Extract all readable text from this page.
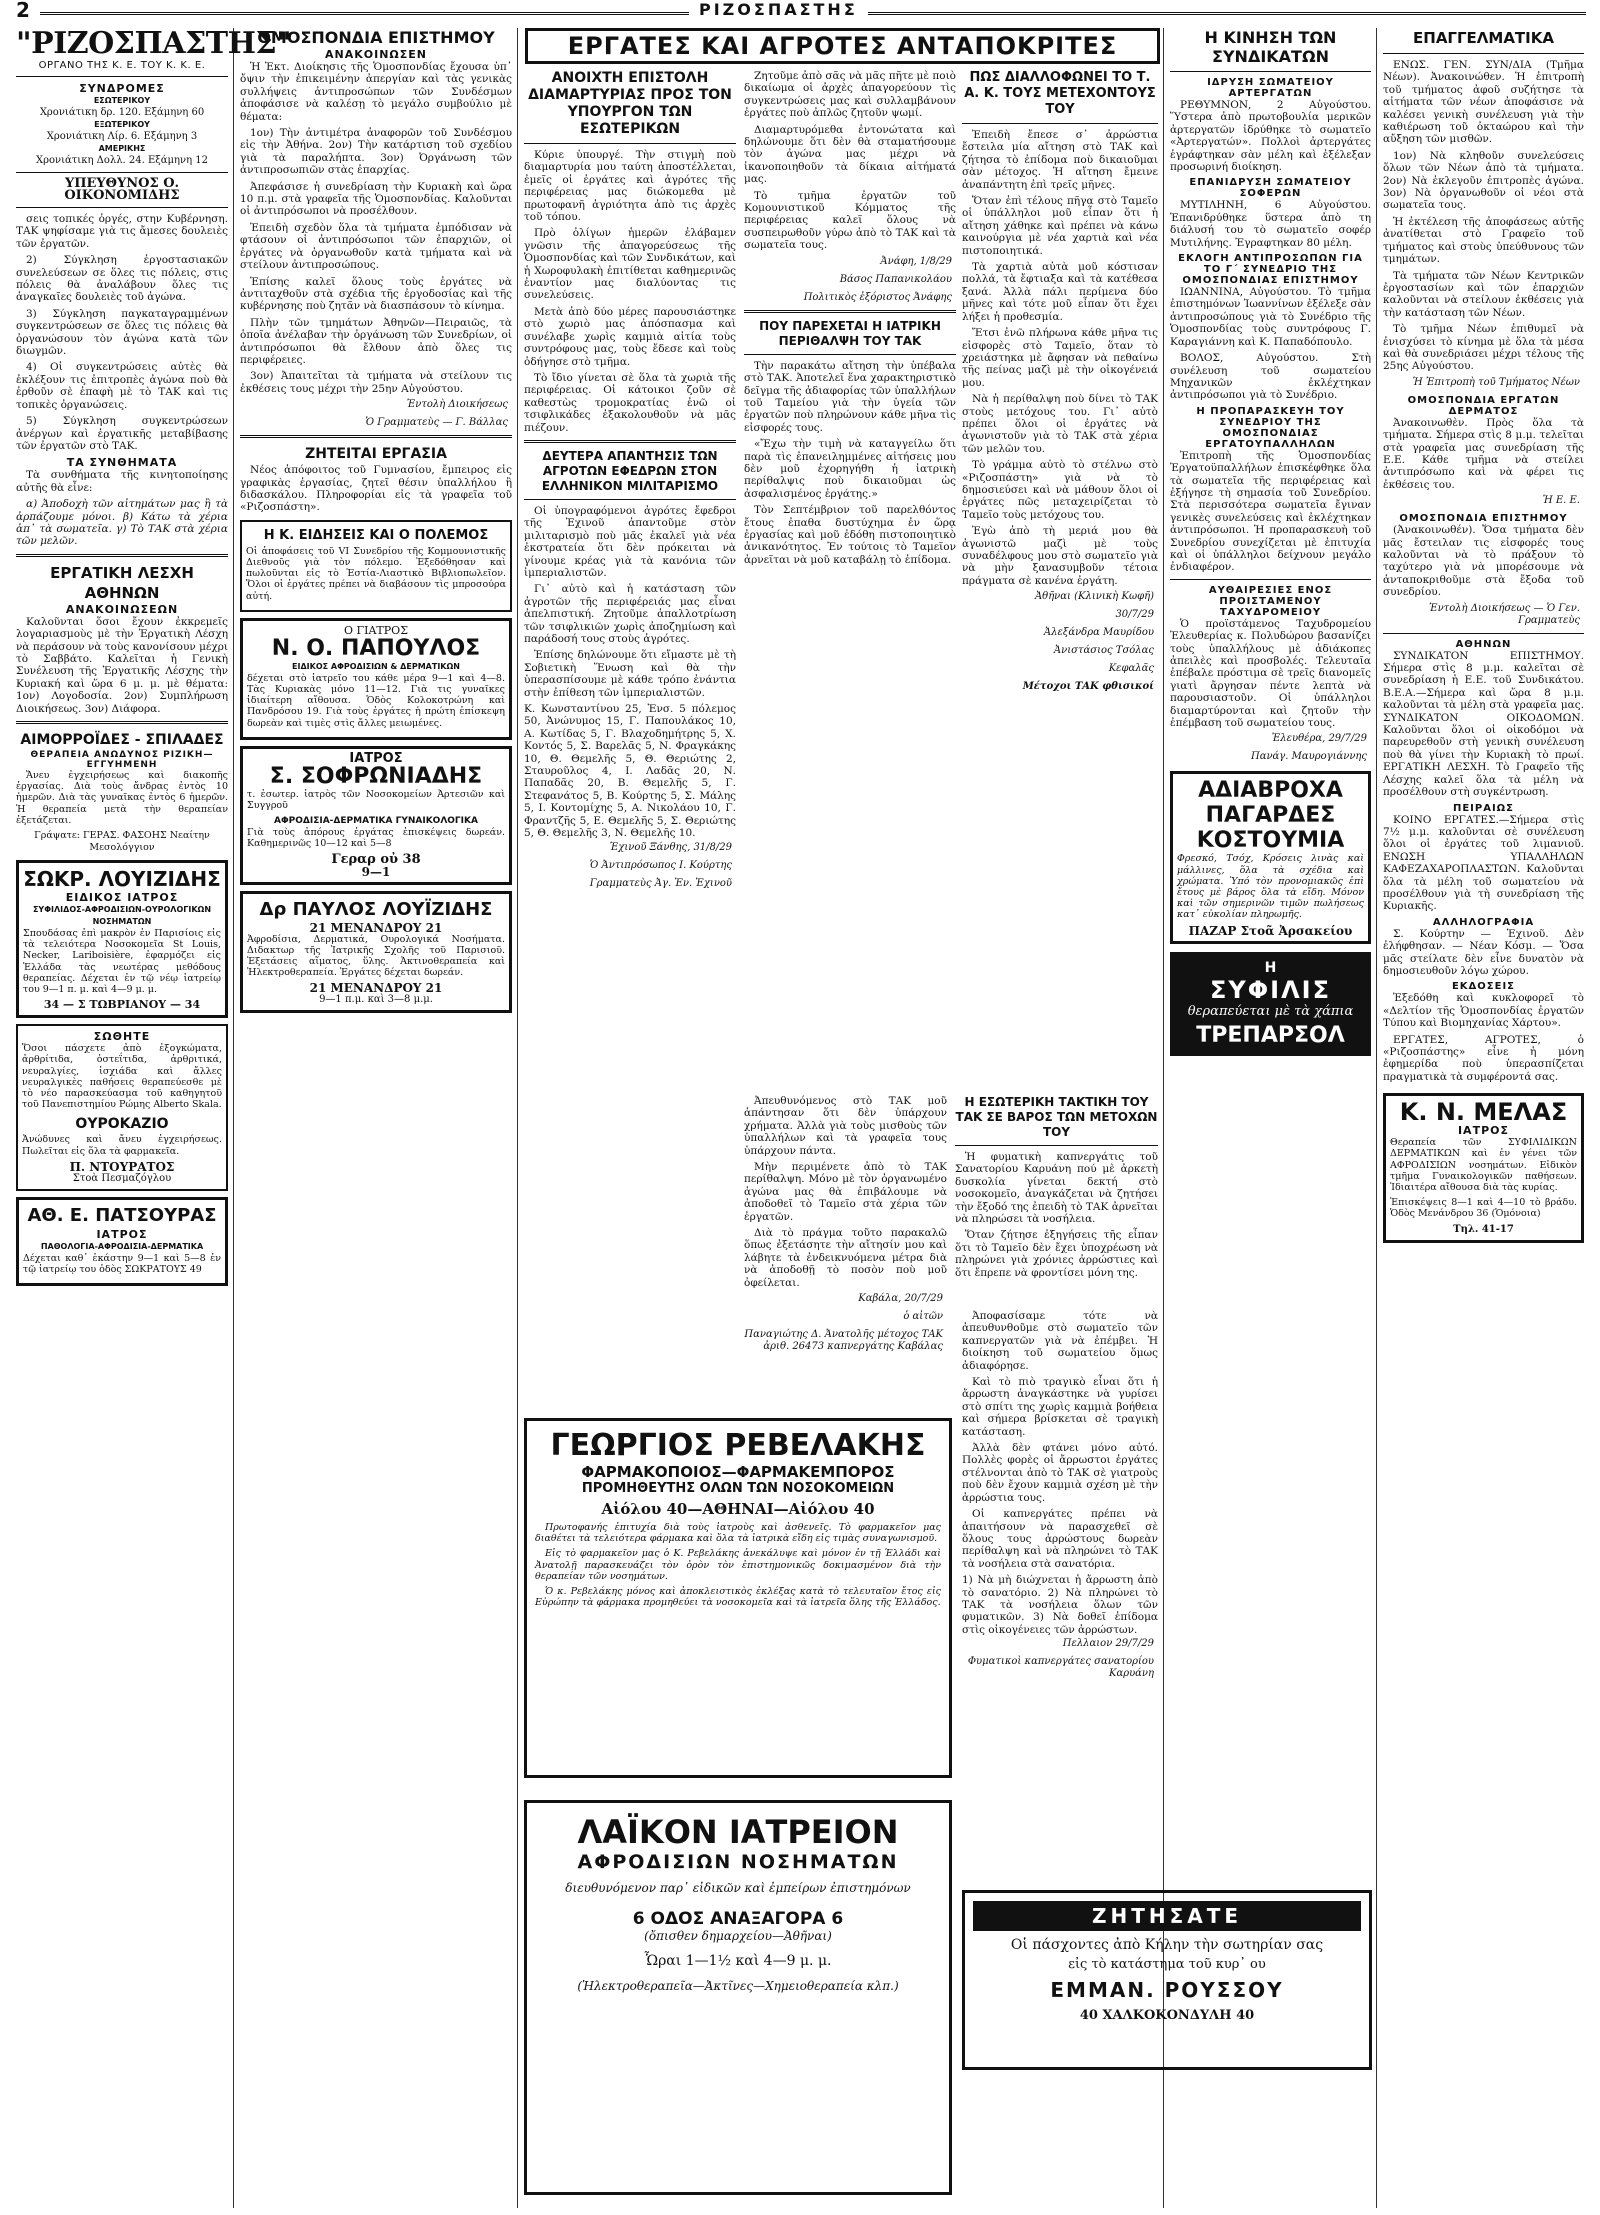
2	ΡΙΖΟΣΠΑΣΤΗΣ
"ΡΙΖΟΣΠΑΣΤΗΣ"
ΟΡΓΑΝΟ ΤΗΣ Κ. Ε. ΤΟΥ Κ. Κ. Ε.
ΣΥΝΔΡΟΜΕΣ
ΕΣΩΤΕΡΙΚΟΥ
Χρονιάτικη δρ. 120. Εξάμηνη 60
ΕΞΩΤΕΡΙΚΟΥ
Χρονιάτικη Λίρ. 6. Εξάμηνη 3
ΑΜΕΡΙΚΗΣ
Χρονιάτικη Δολλ. 24. Εξάμηνη 12
ΥΠΕΥΘΥΝΟΣ Ο. ΟΙΚΟΝΟΜΙΔΗΣ

σεις τοπικές ὀργές, στην Κυβέρνηση. ΤΑΚ ψηφίσαμε γιὰ τις ἄμεσες δουλειὲς τῶν ἐργατῶν.

2) Σύγκληση ἐργοστασιακῶν συνελεύσεων σε ὅλες τις πόλεις, στις πόλεις θὰ ἀναλάβουν ὅλες τις ἀναγκαῖες δουλειὲς τοῦ ἀγώνα.

3) Σύγκληση παγκαταγραμμένων συγκεντρώσεων σε ὅλες τις πόλεις θὰ ὀργανώσουν τὸν ἀγώνα κατὰ τῶν διωγμῶν.

4) Οἱ συγκεντρώσεις αὐτὲς θὰ ἐκλέξουν τις ἐπιτροπὲς ἀγώνα ποὺ θὰ ἐρθοῦν σὲ ἐπαφὴ μὲ τὸ ΤΑΚ καὶ τις τοπικὲς ὀργανώσεις.

5) Σύγκληση συγκεντρώσεων ἀνέργων καὶ ἐργατικῆς μεταβίβασης τῶν ἐργατῶν στὸ ΤΑΚ.

ΤΑ ΣΥΝΘΗΜΑΤΑ

Τὰ συνθήματα τῆς κινητοποίησης αὐτῆς θὰ εἶνε:

α) Ἀποδοχὴ τῶν αἰτημάτων μας ἢ τὰ ἀρπάζουμε μόνοι. β) Κάτω τὰ χέρια ἀπ᾿ τὰ σωματεῖα. γ) Τὸ ΤΑΚ στὰ χέρια τῶν μελῶν.

ΕΡΓΑΤΙΚΗ ΛΕΣΧΗ ΑΘΗΝΩΝ
ΑΝΑΚΟΙΝΩΣΕΩΝ

Καλοῦνται ὅσοι ἔχουν ἐκκρεμεῖς λογαριασμοὺς μὲ τὴν Ἐργατικὴ Λέσχη νὰ περάσουν νὰ τοὺς κανονίσουν μέχρι τὸ Σαββάτο. Καλεῖται ἡ Γενικὴ Συνέλευση τῆς Ἐργατικῆς Λέσχης τὴν Κυριακή καὶ ὥρα 6 μ. μ. μὲ θέματα: 1ον) Λογοδοσία. 2ον) Συμπλήρωση Διοικήσεως. 3ον) Διάφορα.

ΑΙΜΟΡΡΟΪΔΕΣ - ΣΠΙΛΑΔΕΣ
ΘΕΡΑΠΕΙΑ ΑΝΩΔΥΝΟΣ ΡΙΖΙΚΗ—ΕΓΓΥΗΜΕΝΗ

Ἄνευ ἐγχειρήσεως καὶ διακοπῆς ἐργασίας. Διὰ τοὺς ἄνδρας ἐντὸς 10 ἡμερῶν. Διὰ τὰς γυναῖκας ἐντὸς 6 ἡμερῶν. Ἡ θεραπεία μετὰ τὴν θεραπείαν ἐξετάζεται.

Γράψατε: ΓΕΡΑΣ. ΦΑΣΟΗΣ Νεαίτην Μεσολόγγιον
ΣΩΚΡ. ΛΟΥΙΖΙΔΗΣ
ΕΙΔΙΚΟΣ ΙΑΤΡΟΣ
ΣΥΦΙΛΙΔΟΣ-ΑΦΡΟΔΙΣΙΩΝ-ΟΥΡΟΛΟΓΙΚΩΝ ΝΟΣΗΜΑΤΩΝ

Σπουδάσας ἐπὶ μακρὸν ἐν Παρισίοις εἰς τὰ τελειότερα Νοσοκομεῖα St Louis, Necker, Lariboisière, ἐφαρμόζει εἰς Ἑλλάδα τὰς νεωτέρας μεθόδους θεραπείας. Δέχεται ἐν τῷ νέῳ ἰατρείῳ του 9—1 π. μ. καὶ 4—9 μ. μ.

34 — Σ ΤΩΒΡΙΑΝΟΥ — 34
ΣΩΘΗΤΕ

Ὅσοι πάσχετε ἀπὸ ἐξογκώματα, ἀρθρίτιδα, ὀστεΐτιδα, ἀρθριτικά, νευραλγίες, ἰσχιάδα καὶ ἄλλες νευραλγικὲς παθήσεις θεραπεύεσθε μὲ τὸ νέο παρασκεύασμα τοῦ καθηγητοῦ τοῦ Πανεπιστημίου Ρώμης Alberto Skala.

ΟΥΡΟΚΑΖΙΟ

Ἀνώδυνες καὶ ἄνευ ἐγχειρήσεως. Πωλεῖται εἰς ὅλα τὰ φαρμακεῖα.

Π. ΝΤΟΥΡΑΤΟΣ
Στοὰ Πεσμαζόγλου
ΑΘ. Ε. ΠΑΤΣΟΥΡΑΣ
ΙΑΤΡΟΣ
ΠΑΘΟΛΟΓΙΑ-ΑΦΡΟΔΙΣΙΑ-ΔΕΡΜΑΤΙΚΑ

Δέχεται καθ᾿ ἑκάστην 9—1 καὶ 5—8 ἐν τῷ ἰατρείῳ του ὁδὸς ΣΩΚΡΑΤΟΥΣ 49

ΟΜΟΣΠΟΝΔΙΑ ΕΠΙΣΤΗΜΟΥ
ΑΝΑΚΟΙΝΩΣΕΝ

Ἡ Ἐκτ. Διοίκησις τῆς Ὁμοσπονδίας ἔχουσα ὑπ᾿ ὄψιν τὴν ἐπικειμένην ἀπεργίαν καὶ τὰς γενικὰς συλλήψεις ἀντιπροσώπων τῶν Συνδέσμων ἀποφάσισε νὰ καλέσῃ τὸ μεγάλο συμβούλιο μὲ θέματα:

1ον) Τὴν ἀντιμέτρα ἀναφορῶν τοῦ Συνδέσμου εἰς τὴν Ἀθήνα. 2ον) Τὴν κατάρτιση τοῦ σχεδίου γιὰ τὰ παραλήπτα. 3ον) Ὀργάνωση τῶν ἀντιπροσωπιῶν στὰς ἐπαρχίας.

Ἀπεφάσισε ἡ συνεδρίαση τὴν Κυριακὴ καὶ ὥρα 10 π.μ. στὰ γραφεῖα τῆς Ὁμοσπονδίας. Καλοῦνται οἱ ἀντιπρόσωποι νὰ προσέλθουν.

Ἐπειδὴ σχεδὸν ὅλα τὰ τμήματα ἐμπόδισαν νὰ φτάσουν οἱ ἀντιπρόσωποι τῶν ἐπαρχιῶν, οἱ ἐργάτες νὰ ὀργανωθοῦν κατὰ τμήματα καὶ νὰ στείλουν ἀντιπροσώπους.

Ἐπίσης καλεῖ ὅλους τοὺς ἐργάτες νὰ ἀντιταχθοῦν στὰ σχέδια τῆς ἐργοδοσίας καὶ τῆς κυβέρνησης ποὺ ζητᾶν νὰ διασπάσουν τὸ κίνημα.

Πλὴν τῶν τμημάτων Ἀθηνῶν—Πειραιῶς, τὰ ὁποῖα ἀνέλαβαν τὴν ὀργάνωση τῶν Συνεδρίων, οἱ ἀντιπρόσωποι θὰ ἔλθουν ἀπὸ ὅλες τις περιφέρειες.

3ον) Ἀπαιτεῖται τὰ τμήματα νὰ στείλουν τις ἐκθέσεις τους μέχρι τὴν 25ην Αὐγούστου.

Ἐντολὴ Διοικήσεως
Ὁ Γραμματεὺς — Γ. Βάλλας
ΖΗΤΕΙΤΑΙ ΕΡΓΑΣΙΑ

Νέος ἀπόφοιτος τοῦ Γυμνασίου, ἔμπειρος εἰς γραφικὰς ἐργασίας, ζητεῖ θέσιν ὑπαλλήλου ἢ διδασκάλου. Πληροφορίαι εἰς τὰ γραφεῖα τοῦ «Ριζοσπάστη».

Η Κ. ΕΙΔΗΣΕΙΣ ΚΑΙ Ο ΠΟΛΕΜΟΣ

Οἱ ἀποφάσεις τοῦ VI Συνεδρίου τῆς Κομμουνιστικῆς Διεθνοῦς γιὰ τὸν πόλεμο. Ἐξεδόθησαν καὶ πωλοῦνται εἰς τὸ Ἑστία-Λιαστικὸ Βιβλιοπωλεῖον. Ὅλοι οἱ ἐργάτες πρέπει νὰ διαβάσουν τὶς μπροσούρα αὐτή.

Ο ΓΙΑΤΡΟΣ
Ν. Ο. ΠΑΠΟΥΛΟΣ
ΕΙΔΙΚΟΣ ΑΦΡΟΔΙΣΙΩΝ & ΔΕΡΜΑΤΙΚΩΝ

δέχεται στὸ ἰατρεῖο του κάθε μέρα 9—1 καὶ 4—8. Τὰς Κυριακὰς μόνο 11—12. Γιὰ τις γυναῖκες ἰδιαίτερη αἴθουσα. Ὁδὸς Κολοκοτρώνη καὶ Πανδρόσου 19. Γιὰ τοὺς ἐργάτες ἡ πρώτη ἐπίσκεψη δωρεὰν καὶ τιμὲς στὶς ἄλλες μειωμένες.

ΙΑΤΡΟΣ
Σ. ΣΟΦΡΩΝΙΑΔΗΣ

τ. ἐσωτερ. ἰατρὸς τῶν Νοσοκομείων Ἀρτεσιῶν καὶ Συγγροῦ

ΑΦΡΟΔΙΣΙΑ-ΔΕΡΜΑΤΙΚΑ ΓΥΝΑΙΚΟΛΟΓΙΚΑ

Γιὰ τοὺς ἀπόρους ἐργάτας ἐπισκέψεις δωρεάν. Καθημερινῶς 10—12 καὶ 5—8

Γεραρ οὐ 38
9—1
Δρ ΠΑΥΛΟΣ ΛΟΥΪΖΙΔΗΣ
21 ΜΕΝΑΝΔΡΟΥ 21

Ἀφροδίσια, Δερματικά, Ουρολογικά Νοσήματα. Διδακτωρ τῆς Ἰατρικῆς Σχολῆς τοῦ Παρισιοῦ. Ἐξετάσεις αἵματος, ὕλης. Ἀκτινοθεραπεία καὶ Ἠλεκτροθεραπεία. Ἐργάτες δέχεται δωρεάν.

21 ΜΕΝΑΝΔΡΟΥ 21
9—1 π.μ. καὶ 3—8 μ.μ.
ΕΡΓΑΤΕΣ ΚΑΙ ΑΓΡΟΤΕΣ ΑΝΤΑΠΟΚΡΙΤΕΣ
ΑΝΟΙΧΤΗ ΕΠΙΣΤΟΛΗ ΔΙΑΜΑΡΤΥΡΙΑΣ ΠΡΟΣ ΤΟΝ ΥΠΟΥΡΓΟΝ ΤΩΝ ΕΣΩΤΕΡΙΚΩΝ

Κύριε ὑπουργέ. Τὴν στιγμὴ ποὺ διαμαρτυρία μου ταύτη ἀποστέλλεται, ἐμεῖς οἱ ἐργάτες καὶ ἀγρότες τῆς περιφέρειας μας διώκομεθα μὲ πρωτοφανῆ ἀγριότητα ἀπὸ τις ἀρχὲς τοῦ τόπου.

Πρὸ ὀλίγων ἡμερῶν ἐλάβαμεν γνῶσιν τῆς ἀπαγορεύσεως τῆς Ὁμοσπονδίας καὶ τῶν Συνδικάτων, καὶ ἡ Χωροφυλακὴ ἐπιτίθεται καθημερινῶς ἐναντίον μας διαλύοντας τις συνελεύσεις.

Μετὰ ἀπὸ δύο μέρες παρουσιάστηκε στὸ χωριὸ μας ἀπόσπασμα καὶ συνέλαβε χωρὶς καμμιὰ αἰτία τοὺς συντρόφους μας, τοὺς ἔδεσε καὶ τοὺς ὁδήγησε στὸ τμῆμα.

Τὸ ἴδιο γίνεται σὲ ὅλα τὰ χωριὰ τῆς περιφέρειας. Οἱ κάτοικοι ζοῦν σὲ καθεστὼς τρομοκρατίας ἐνῶ οἱ τσιφλικάδες ἐξακολουθοῦν νὰ μᾶς πιέζουν.

ΔΕΥΤΕΡΑ ΑΠΑΝΤΗΣΙΣ ΤΩΝ ΑΓΡΟΤΩΝ ΕΦΕΔΡΩΝ ΣΤΟΝ ΕΛΛΗΝΙΚΟΝ ΜΙΛΙΤΑΡΙΣΜΟ

Οἱ ὑπογραφόμενοι ἀγρότες ἔφεδροι τῆς Ἐχινοῦ ἀπαντοῦμε στὸν μιλιταρισμὸ ποὺ μᾶς ἐκαλεῖ γιὰ νέα ἐκστρατεία ὅτι δὲν πρόκειται νὰ γίνουμε κρέας γιὰ τὰ κανόνια τῶν ἰμπεριαλιστῶν.

Γι᾿ αὐτὸ καὶ ἡ κατάσταση τῶν ἀγροτῶν τῆς περιφέρειάς μας εἶναι ἀπελπιστική. Ζητοῦμε ἀπαλλοτρίωση τῶν τσιφλικιῶν χωρὶς ἀποζημίωση καὶ παράδοσή τους στοὺς ἀγρότες.

Ἐπίσης δηλώνουμε ὅτι εἴμαστε μὲ τὴ Σοβιετικὴ Ἕνωση καὶ θὰ τὴν ὑπερασπίσουμε μὲ κάθε τρόπο ἐνάντια στὴν ἐπίθεση τῶν ἰμπεριαλιστῶν.

Κ. Κωνσταντίνου 25, Ἐνσ. 5 πόλεμος 50, Ἀνώνυμος 15, Γ. Παπουλάκος 10, Α. Κωτίδας 5, Γ. Βλαχοδημήτρης 5, Χ. Κοντός 5, Σ. Βαρελᾶς 5, Ν. Φραγκάκης 10, Θ. Θεμελῆς 5, Θ. Θεριώτης 2, Σταυροῦλος 4, Ι. Λαδᾶς 20, Ν. Παπαδᾶς 20, Β. Θεμελῆς 5, Γ. Στεφανάτος 5, Β. Κούρτης 5, Σ. Μάλης 5, Ι. Κοντομίχης 5, Α. Νικολάου 10, Γ. Φραντζῆς 5, Ε. Θεμελῆς 5, Σ. Θεριώτης 5, Θ. Θεμελῆς 3, Ν. Θεμελῆς 10.

Ἐχινοῦ Ξάνθης, 31/8/29
Ὁ Ἀντιπρόσωπος Ι. Κούρτης
Γραμματεὺς Ἀγ. Ἐν. Ἐχινοῦ

Ζητοῦμε ἀπὸ σᾶς νὰ μᾶς πῆτε μὲ ποιὸ δικαίωμα οἱ ἀρχὲς ἀπαγορεύουν τὶς συγκεντρώσεις μας καὶ συλλαμβάνουν ἐργάτες ποὺ ἀπλῶς ζητοῦν ψωμί.

Διαμαρτυρόμεθα ἐντονώτατα καὶ δηλώνουμε ὅτι δὲν θὰ σταματήσουμε τὸν ἀγώνα μας μέχρι νὰ ἱκανοποιηθοῦν τὰ δίκαια αἰτήματά μας.

Τὸ τμῆμα ἐργατῶν τοῦ Κομουνιστικοῦ Κόμματος τῆς περιφέρειας καλεῖ ὅλους νὰ συσπειρωθοῦν γύρω ἀπὸ τὸ ΤΑΚ καὶ τὰ σωματεῖα τους.

Ἀνάφη, 1/8/29
Βάσος Παπανικολάου
Πολιτικὸς ἐξόριστος Ἀνάφης
ΠΟΥ ΠΑΡΕΧΕΤΑΙ Η ΙΑΤΡΙΚΗ ΠΕΡΙΘΑΛΨΗ ΤΟΥ ΤΑΚ

Τὴν παρακάτω αἴτηση τὴν ὑπέβαλα στὸ ΤΑΚ. Ἀποτελεῖ ἕνα χαρακτηριστικὸ δεῖγμα τῆς ἀδιαφορίας τῶν ὑπαλλήλων τοῦ Ταμείου γιὰ τὴν ὑγεία τῶν ἐργατῶν ποὺ πληρώνουν κάθε μῆνα τὶς εἰσφορές τους.

«Ἔχω τὴν τιμὴ νὰ καταγγείλω ὅτι παρὰ τὶς ἐπανειλημμένες αἰτήσεις μου δὲν μοῦ ἐχορηγήθη ἡ ἰατρικὴ περίθαλψις ποὺ δικαιοῦμαι ὡς ἀσφαλισμένος ἐργάτης.»

Τὸν Σεπτέμβριον τοῦ παρελθόντος ἔτους ἐπαθα δυστύχημα ἐν ὥρᾳ ἐργασίας καὶ μοῦ ἐδόθη πιστοποιητικὸ ἀνικανότητος. Ἐν τούτοις τὸ Ταμεῖον ἀρνεῖται νὰ μοῦ καταβάλῃ τὸ ἐπίδομα.

ΠΩΣ ΔΙΑΛΛΟΦΩΝΕΙ ΤΟ Τ. Α. Κ. ΤΟΥΣ ΜΕΤΕΧΟΝΤΟΥΣ ΤΟΥ

Ἐπειδὴ ἔπεσε σ᾿ ἀρρώστια ἔστειλα μία αἴτηση στὸ ΤΑΚ καὶ ζήτησα τὸ ἐπίδομα ποὺ δικαιοῦμαι σὰν μέτοχος. Ἡ αἴτηση ἔμεινε ἀναπάντητη ἐπὶ τρεῖς μῆνες.

Ὅταν ἐπὶ τέλους πῆγα στὸ Ταμεῖο οἱ ὑπάλληλοι μοῦ εἶπαν ὅτι ἡ αἴτηση χάθηκε καὶ πρέπει νὰ κάνω καινούργια μὲ νέα χαρτιὰ καὶ νέα πιστοποιητικά.

Τὰ χαρτιὰ αὐτὰ μοῦ κόστισαν πολλά, τὰ ἔφτιαξα καὶ τὰ κατέθεσα ξανά. Ἀλλὰ πάλι περίμενα δύο μῆνες καὶ τότε μοῦ εἶπαν ὅτι ἔχει λήξει ἡ προθεσμία.

Ἔτσι ἐνῶ πλήρωνα κάθε μῆνα τις εἰσφορὲς στὸ Ταμεῖο, ὅταν τὸ χρειάστηκα μὲ ἄφησαν νὰ πεθαίνω τῆς πείνας μαζὶ μὲ τὴν οἰκογένειά μου.

Νὰ ἡ περίθαλψη ποὺ δίνει τὸ ΤΑΚ στοὺς μετόχους του. Γι᾿ αὐτὸ πρέπει ὅλοι οἱ ἐργάτες νὰ ἀγωνιστοῦν γιὰ τὸ ΤΑΚ στὰ χέρια τῶν μελῶν του.

Τὸ γράμμα αὐτὸ τὸ στέλνω στὸ «Ριζοσπάστη» γιὰ νὰ τὸ δημοσιεύσει καὶ νὰ μάθουν ὅλοι οἱ ἐργάτες πῶς μεταχειρίζεται τὸ Ταμεῖο τοὺς μετόχους του.

Ἐγὼ ἀπὸ τὴ μεριά μου θὰ ἀγωνιστῶ μαζὶ μὲ τοὺς συναδέλφους μου στὸ σωματεῖο γιὰ νὰ μὴν ξανασυμβοῦν τέτοια πράγματα σὲ κανένα ἐργάτη.

Ἀθῆναι (Κλινικὴ Κωφῆ)
30/7/29
Ἀλεξάνδρα Μαυρίδου
Ἀνιστάσιος Τσόλας
Κεφαλᾶς
Μέτοχοι ΤΑΚ φθισικοί

Ἀπευθυνόμενος στὸ ΤΑΚ μοῦ ἀπάντησαν ὅτι δὲν ὑπάρχουν χρήματα. Ἀλλὰ γιὰ τοὺς μισθοὺς τῶν ὑπαλλήλων καὶ τὰ γραφεῖα τους ὑπάρχουν πάντα.

Μὴν περιμένετε ἀπὸ τὸ ΤΑΚ περίθαλψη. Μόνο μὲ τὸν ὀργανωμένο ἀγώνα μας θὰ ἐπιβάλουμε νὰ ἀποδοθεῖ τὸ Ταμεῖο στὰ χέρια τῶν ἐργατῶν.

Διὰ τὸ πράγμα τοῦτο παρακαλῶ ὅπως ἐξετάσητε τὴν αἴτησίν μου καὶ λάβητε τὰ ἐνδεικνυόμενα μέτρα διὰ νὰ ἀποδοθῇ τὸ ποσὸν ποὺ μοῦ ὀφείλεται.

Καβάλα, 20/7/29
ὁ αἰτῶν
Παναγιώτης Δ. Ἀνατολῆς μέτοχος ΤΑΚ ἀριθ. 26473 καπνεργάτης Καβάλας
Η ΕΣΩΤΕΡΙΚΗ ΤΑΚΤΙΚΗ ΤΟΥ ΤΑΚ ΣΕ ΒΑΡΟΣ ΤΩΝ ΜΕΤΟΧΩΝ ΤΟΥ

Ἡ φυματικὴ καπνεργάτις τοῦ Σανατορίου Καρυάνη πού μὲ ἀρκετὴ δυσκολία γίνεται δεκτή στὸ νοσοκομεῖο, ἀναγκάζεται νὰ ζητήσει τὴν ἔξοδό της ἐπειδὴ τὸ ΤΑΚ ἀρνεῖται νὰ πληρώσει τὰ νοσήλεια.

Ὅταν ζήτησε ἐξηγήσεις τῆς εἶπαν ὅτι τὸ Ταμεῖο δὲν ἔχει ὑποχρέωση νὰ πληρώνει γιὰ χρόνιες ἀρρώστιες καὶ ὅτι ἔπρεπε νὰ φροντίσει μόνη της.

ΓΕΩΡΓΙΟΣ ΡΕΒΕΛΑΚΗΣ
ΦΑΡΜΑΚΟΠΟΙΟΣ—ΦΑΡΜΑΚΕΜΠΟΡΟΣ
ΠΡΟΜΗΘΕΥΤΗΣ ΟΛΩΝ ΤΩΝ ΝΟΣΟΚΟΜΕΙΩΝ
Αἰόλου 40—ΑΘΗΝΑΙ—Αἰόλου 40

Πρωτοφανής ἐπιτυχία διὰ τοὺς ἰατροὺς καὶ ἀσθενεῖς. Τὸ φαρμακεῖον μας διαθέτει τὰ τελειότερα φάρμακα καὶ ὅλα τὰ ἰατρικὰ εἴδη εἰς τιμὰς συναγωνισμοῦ.

Εἰς τὸ φαρμακεῖον μας ὁ Κ. Ρεβελάκης ἀνεκάλυψε καὶ μόνον ἐν τῇ Ἑλλάδι καὶ Ἀνατολῇ παρασκευάζει τὸν ὀρὸν τὸν ἐπιστημονικῶς δοκιμασμένον διὰ τὴν θεραπείαν τῶν νοσημάτων.

Ὁ κ. Ρεβελάκης μόνος καὶ ἀποκλειστικὸς ἐκλέξας κατὰ τὸ τελευταῖον ἔτος εἰς Εὐρώπην τὰ φάρμακα προμηθεύει τὰ νοσοκομεῖα καὶ τὰ ἰατρεῖα ὅλης τῆς Ἑλλάδος.

ΛΑΪΚΟΝ ΙΑΤΡΕΙΟΝ
ΑΦΡΟΔΙΣΙΩΝ ΝΟΣΗΜΑΤΩΝ
διευθυνόμενον παρ᾿ εἰδικῶν καὶ ἐμπείρων ἐπιστημόνων
6 ΟΔΟΣ ΑΝΑΞΑΓΟΡΑ 6
(ὄπισθεν δημαρχείου—Ἀθῆναι)
Ὧραι 1—1½ καὶ 4—9 μ. μ.
(Ἠλεκτροθεραπεῖα—Ἀκτῖνες—Χημειοθεραπεία κλπ.)

Ἀποφασίσαμε τότε νὰ ἀπευθυνθοῦμε στὸ σωματεῖο τῶν καπνεργατῶν γιὰ νὰ ἐπέμβει. Ἡ διοίκηση τοῦ σωματείου ὅμως ἀδιαφόρησε.

Καὶ τὸ πιὸ τραγικὸ εἶναι ὅτι ἡ ἄρρωστη ἀναγκάστηκε νὰ γυρίσει στὸ σπίτι της χωρὶς καμμιὰ βοήθεια καὶ σήμερα βρίσκεται σὲ τραγικὴ κατάσταση.

Ἀλλὰ δὲν φτάνει μόνο αὐτό. Πολλὲς φορὲς οἱ ἄρρωστοι ἐργάτες στέλνονται ἀπὸ τὸ ΤΑΚ σὲ γιατροὺς ποὺ δὲν ἔχουν καμμιὰ σχέση μὲ τὴν ἀρρώστια τους.

Οἱ καπνεργάτες πρέπει νὰ ἀπαιτήσουν νὰ παρασχεθεῖ σὲ ὅλους τους ἀρρώστους δωρεὰν περίθαλψη καὶ νὰ πληρώνει τὸ ΤΑΚ τὰ νοσήλεια στὰ σανατόρια.

1) Νὰ μὴ διώχνεται ἡ ἄρρωστη ἀπὸ τὸ σανατόριο. 2) Νὰ πληρώνει τὸ ΤΑΚ τὰ νοσήλεια ὅλων τῶν φυματικῶν. 3) Νὰ δοθεῖ ἐπίδομα στὶς οἰκογένειες τῶν ἀρρώστων.

Πελλαιον 29/7/29
Φυματικοὶ καπνεργάτες σανατορίου Καρυάνη
ΖΗΤΗΣΑΤΕ
Οἱ πάσχοντες ἀπὸ Κήλην τὴν σωτηρίαν σας
εἰς τὸ κατάστημα τοῦ κυρ᾿ ου
ΕΜΜΑΝ. ΡΟΥΣΣΟΥ
40 ΧΑΛΚΟΚΟΝΔΥΛΗ 40
Η ΚΙΝΗΣΗ ΤΩΝ ΣΥΝΔΙΚΑΤΩΝ
ΙΔΡΥΣΗ ΣΩΜΑΤΕΙΟΥ ΑΡΤΕΡΓΑΤΩΝ

ΡΕΘΥΜΝΟΝ, 2 Αὐγούστου. Ὕστερα ἀπὸ πρωτοβουλία μερικῶν ἀρτεργατῶν ἰδρύθηκε τὸ σωματεῖο «Ἀρτεργατών». Πολλοὶ ἀρτεργάτες ἐγράφτηκαν σὰν μέλη καὶ ἐξέλεξαν προσωρινή διοίκηση.

ΕΠΑΝΙΔΡΥΣΗ ΣΩΜΑΤΕΙΟΥ ΣΟΦΕΡΩΝ

ΜΥΤΙΛΗΝΗ, 6 Αὐγούστου. Ἐπανιδρύθηκε ὕστερα ἀπὸ τη διάλυσή του τὸ σωματεῖο σοφέρ Μυτιλήνης. Ἐγραφτηκαν 80 μέλη.

ΕΚΛΟΓΗ ΑΝΤΙΠΡΟΣΩΠΩΝ ΓΙΑ ΤΟ Γ΄ ΣΥΝΕΔΡΙΟ ΤΗΣ ΟΜΟΣΠΟΝΔΙΑΣ ΕΠΙΣΤΗΜΟΥ

ΙΩΑΝΝΙΝΑ, Αὐγούστου. Τὸ τμῆμα ἐπιστημόνων Ἰωαννίνων ἐξέλεξε σὰν ἀντιπροσώπους γιὰ τὸ Συνέδριο τῆς Ὁμοσπονδίας τοὺς συντρόφους Γ. Καραγιάννη καὶ Κ. Παπαδόπουλο.

ΒΟΛΟΣ, Αὐγούστου. Στὴ συνέλευση τοῦ σωματείου Μηχανικῶν ἐκλέχτηκαν ἀντιπρόσωποι γιὰ τὸ Συνέδριο.

Η ΠΡΟΠΑΡΑΣΚΕΥΗ ΤΟΥ ΣΥΝΕΔΡΙΟΥ ΤΗΣ ΟΜΟΣΠΟΝΔΙΑΣ ΕΡΓΑΤΟΥΠΑΛΛΗΛΩΝ

Ἐπιτροπὴ τῆς Ὁμοσπονδίας Ἐργατοϋπαλλήλων ἐπισκέφθηκε ὅλα τὰ σωματεῖα τῆς περιφέρειας καὶ ἐξήγησε τὴ σημασία τοῦ Συνεδρίου. Στὰ περισσότερα σωματεῖα ἔγιναν γενικὲς συνελεύσεις καὶ ἐκλέχτηκαν ἀντιπρόσωποι. Ἡ προπαρασκευὴ τοῦ Συνεδρίου συνεχίζεται μὲ ἐπιτυχία καὶ οἱ ὑπάλληλοι δείχνουν μεγάλο ἐνδιαφέρον.

ΑΥΘΑΙΡΕΣΙΕΣ ΕΝΟΣ ΠΡΟΙΣΤΑΜΕΝΟΥ ΤΑΧΥΔΡΟΜΕΙΟΥ

Ὁ προϊστάμενος Ταχυδρομείου Ἐλευθερίας κ. Πολυδώρου βασανίζει τοὺς ὑπαλλήλους μὲ ἀδιάκοπες ἀπειλὲς καὶ προσβολές. Τελευταῖα ἐπέβαλε πρόστιμα σὲ τρεῖς διανομεῖς γιατὶ ἄργησαν πέντε λεπτὰ νὰ παρουσιαστοῦν. Οἱ ὑπάλληλοι διαμαρτύρονται καὶ ζητοῦν τὴν ἐπέμβαση τοῦ σωματείου τους.

Ἐλευθέρα, 29/7/29
Πανάγ. Μαυρογιάννης
ΑΔΙΑΒΡΟΧΑ ΠΑΓΑΡΔΕΣ ΚΟΣΤΟΥΜΙΑ

Φρεσκό, Τσόχ, Κρόσεις λινὰς καὶ μάλλινες, ὅλα τὰ σχέδια καὶ χρώματα. Ὑπό τὸν προνομιακῶς ἐπὶ ἔτους μὲ βάρος ὅλα τὰ εἴδη. Μόνον καὶ τῶν σημερινῶν τιμῶν πωλήσεως κατ᾿ εὐκολίαν πληρωμῆς.

ΠΑΖΑΡ Στοᾶ Ἀρσακείου
Η
ΣΥΦΙΛΙΣ
θεραπεύεται μὲ τὰ χάπια
ΤΡΕΠΑΡΣΟΛ
ΕΠΑΓΓΕΛΜΑΤΙΚΑ

ΕΝΩΣ. ΓΕΝ. ΣΥΝ/ΔΙΑ (Τμῆμα Νέων). Ἀνακοινώθεν. Ἡ ἐπιτροπὴ τοῦ τμήματος ἀφοῦ συζήτησε τὰ αἰτήματα τῶν νέων ἀποφάσισε νὰ καλέσει γενικὴ συνέλευση γιὰ τὴν καθιέρωση τοῦ ὀκταώρου καὶ τὴν αὔξηση τῶν μισθῶν.

1ον) Νὰ κληθοῦν συνελεύσεις ὅλων τῶν Νέων ἀπὸ τὰ τμήματα. 2ον) Νὰ ἐκλεγοῦν ἐπιτροπὲς ἀγώνα. 3ον) Νὰ ὀργανωθοῦν οἱ νέοι στὰ σωματεῖα τους.

Ἡ ἐκτέλεση τῆς ἀποφάσεως αὐτῆς ἀνατίθεται στὸ Γραφεῖο τοῦ τμήματος καὶ στοὺς ὑπεύθυνους τῶν τμημάτων.

Τὰ τμήματα τῶν Νέων Κεντρικῶν ἐργοστασίων καὶ τῶν ἐπαρχιῶν καλοῦνται νὰ στείλουν ἐκθέσεις γιὰ τὴν κατάσταση τῶν Νέων.

Τὸ τμῆμα Νέων ἐπιθυμεῖ νὰ ἐνισχύσει τὸ κίνημα μὲ ὅλα τὰ μέσα καὶ θὰ συνεδριάσει μέχρι τέλους τῆς 25ης Αὐγούστου.

Ἡ Ἐπιτροπὴ τοῦ Τμήματος Νέων
ΟΜΟΣΠΟΝΔΙΑ ΕΡΓΑΤΩΝ ΔΕΡΜΑΤΟΣ

Ἀνακοινωθὲν. Πρὸς ὅλα τὰ τμήματα. Σήμερα στὶς 8 μ.μ. τελεῖται στὰ γραφεῖα μας συνεδρίαση τῆς Ε.Ε. Κάθε τμῆμα νὰ στείλει ἀντιπρόσωπο καὶ νὰ φέρει τις ἐκθέσεις του.

Ἡ Ε. Ε.
ΟΜΟΣΠΟΝΔΙΑ ΕΠΙΣΤΗΜΟΥ

(Ἀνακοινωθέν). Ὅσα τμήματα δὲν μᾶς ἔστειλαν τις εἰσφορές τους καλοῦνται νὰ τὸ πράξουν τὸ ταχύτερο γιὰ νὰ μπορέσουμε νὰ ἀνταποκριθοῦμε στὰ ἔξοδα τοῦ συνεδρίου.

Ἐντολὴ Διοικήσεως — Ὁ Γεν. Γραμματεὺς
ΑΘΗΝΩΝ

ΣΥΝΔΙΚΑΤΟΝ ΕΠΙΣΤΗΜΟΥ. Σήμερα στὶς 8 μ.μ. καλεῖται σὲ συνεδρίαση ἡ Ε.Ε. τοῦ Συνδικάτου. Β.Ε.Α.—Σήμερα καὶ ὥρα 8 μ.μ. καλοῦνται τὰ μέλη στὰ γραφεῖα μας. ΣΥΝΔΙΚΑΤΟΝ ΟΙΚΟΔΟΜΩΝ. Καλοῦνται ὅλοι οἱ οἰκοδόμοι νὰ παρευρεθοῦν στὴ γενικὴ συνέλευση ποὺ θὰ γίνει τὴν Κυριακὴ τὸ πρωί. ΕΡΓΑΤΙΚΗ ΛΕΣΧΗ. Τὸ Γραφεῖο τῆς Λέσχης καλεῖ ὅλα τὰ μέλη νὰ προσέλθουν στὴ συγκέντρωση.

ΠΕΙΡΑΙΩΣ

ΚΟΙΝΟ ΕΡΓΑΤΕΣ.—Σήμερα στὶς 7½ μ.μ. καλοῦνται σὲ συνέλευση ὅλοι οἱ ἐργάτες τοῦ λιμανιοῦ. ΕΝΩΣΗ ΥΠΑΛΛΗΛΩΝ ΚΑΦΕΖΑΧΑΡΟΠΛΑΣΤΩΝ. Καλοῦνται ὅλα τὰ μέλη τοῦ σωματείου νὰ προσέλθουν γιὰ τὴ συνεδρίαση τῆς Κυριακῆς.

ΑΛΛΗΛΟΓΡΑΦΙΑ

Σ. Κούρτην — Ἐχινοῦ. Δὲν ἐλήφθησαν. — Νέαν Κόσμ. — Ὅσα μᾶς στείλατε δὲν εἶνε δυνατὸν νὰ δημοσιευθοῦν λόγω χώρου.

ΕΚΔΟΣΕΙΣ

Ἐξεδόθη καὶ κυκλοφορεῖ τὸ «Δελτίον τῆς Ὁμοσπονδίας ἐργατῶν Τύπου καὶ Βιομηχανίας Χάρτου».

ΕΡΓΑΤΕΣ, ΑΓΡΟΤΕΣ, ὁ «Ριζοσπάστης» εἶνε ἡ μόνη ἐφημερίδα ποὺ ὑπερασπίζεται πραγματικὰ τὰ συμφέροντά σας.

Κ. Ν. ΜΕΛΑΣ
ΙΑΤΡΟΣ

Θεραπεία τῶν ΣΥΦΙΛΙΔΙΚΩΝ ΔΕΡΜΑΤΙΚΩΝ καὶ ἐν γένει τῶν ΑΦΡΟΔΙΣΙΩΝ νοσημάτων. Εἰδικὸν τμῆμα Γυναικολογικῶν παθήσεων. Ἰδιαιτέρα αἴθουσα διὰ τὰς κυρίας.

Ἐπισκέψεις 8—1 καὶ 4—10 τὸ βράδυ. Ὁδὸς Μενάνδρου 36 (Ὁμόνοια)

Τηλ. 41-17
